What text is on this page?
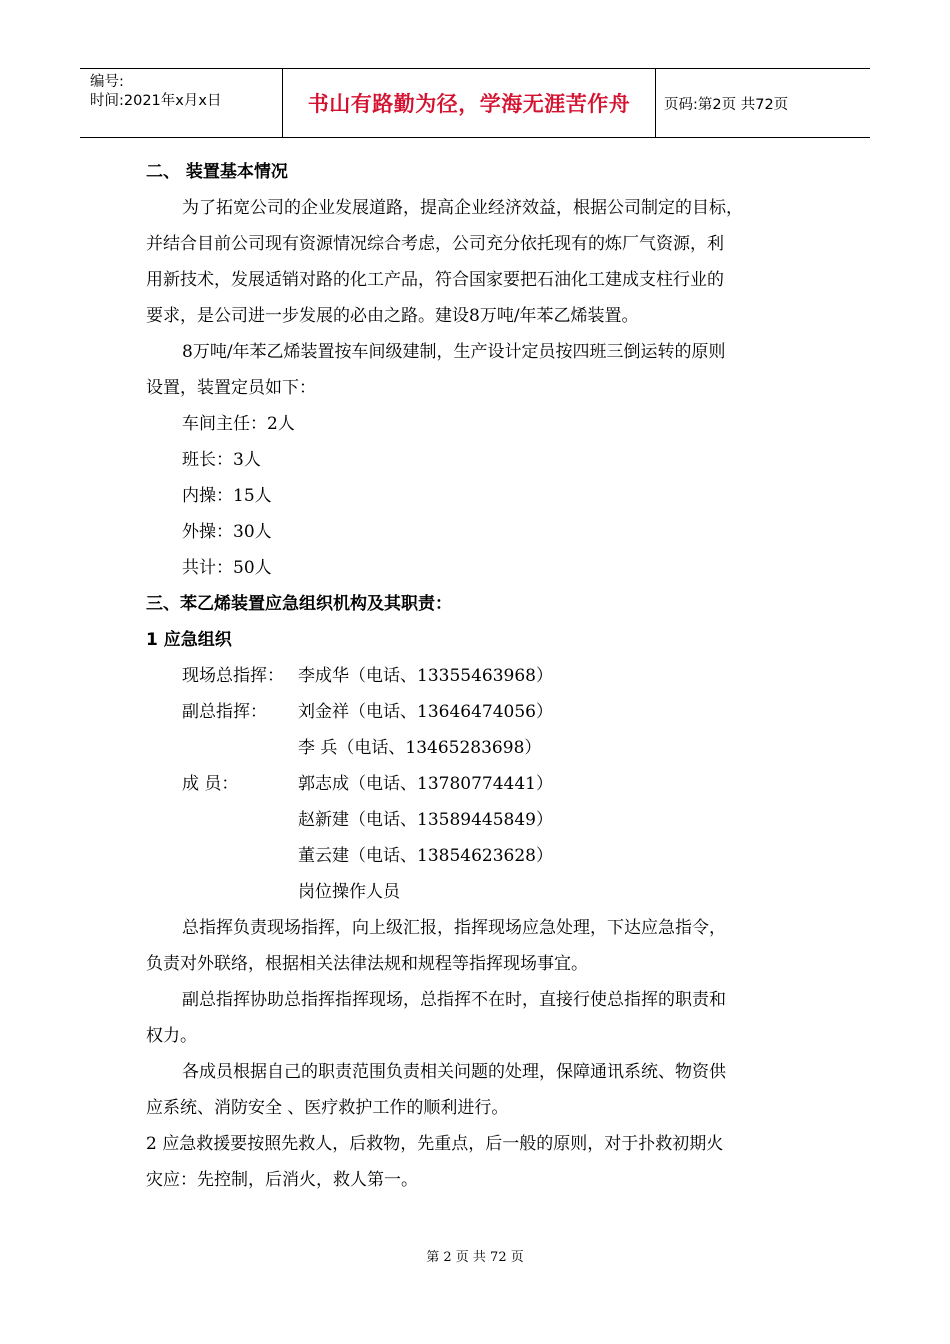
编号:
时间:2021年x月x日	书山有路勤为径，学海无涯苦作舟	页码:第2页 共72页
二、 装置基本情况
为了拓宽公司的企业发展道路，提高企业经济效益，根据公司制定的目标，
并结合目前公司现有资源情况综合考虑，公司充分依托现有的炼厂气资源，利
用新技术，发展适销对路的化工产品，符合国家要把石油化工建成支柱行业的
要求，是公司进一步发展的必由之路。建设8万吨/年苯乙烯装置。
8万吨/年苯乙烯装置按车间级建制，生产设计定员按四班三倒运转的原则
设置，装置定员如下：
车间主任：2人
班长：3人
内操：15人
外操：30人
共计：50人
三、苯乙烯装置应急组织机构及其职责：
1 应急组织
现场总指挥： 李成华（电话、13355463968）
副总指挥： 刘金祥（电话、13646474056）
李 兵（电话、13465283698）
成 员：	郭志成（电话、13780774441）
赵新建（电话、13589445849）
董云建（电话、13854623628）
岗位操作人员
总指挥负责现场指挥，向上级汇报，指挥现场应急处理，下达应急指令，
负责对外联络，根据相关法律法规和规程等指挥现场事宜。
副总指挥协助总指挥指挥现场，总指挥不在时，直接行使总指挥的职责和
权力。
各成员根据自己的职责范围负责相关问题的处理，保障通讯系统、物资供
应系统、消防安全 、医疗救护工作的顺利进行。
2 应急救援要按照先救人，后救物，先重点，后一般的原则，对于扑救初期火
灾应：先控制，后消火，救人第一。
第 2 页 共 72 页
